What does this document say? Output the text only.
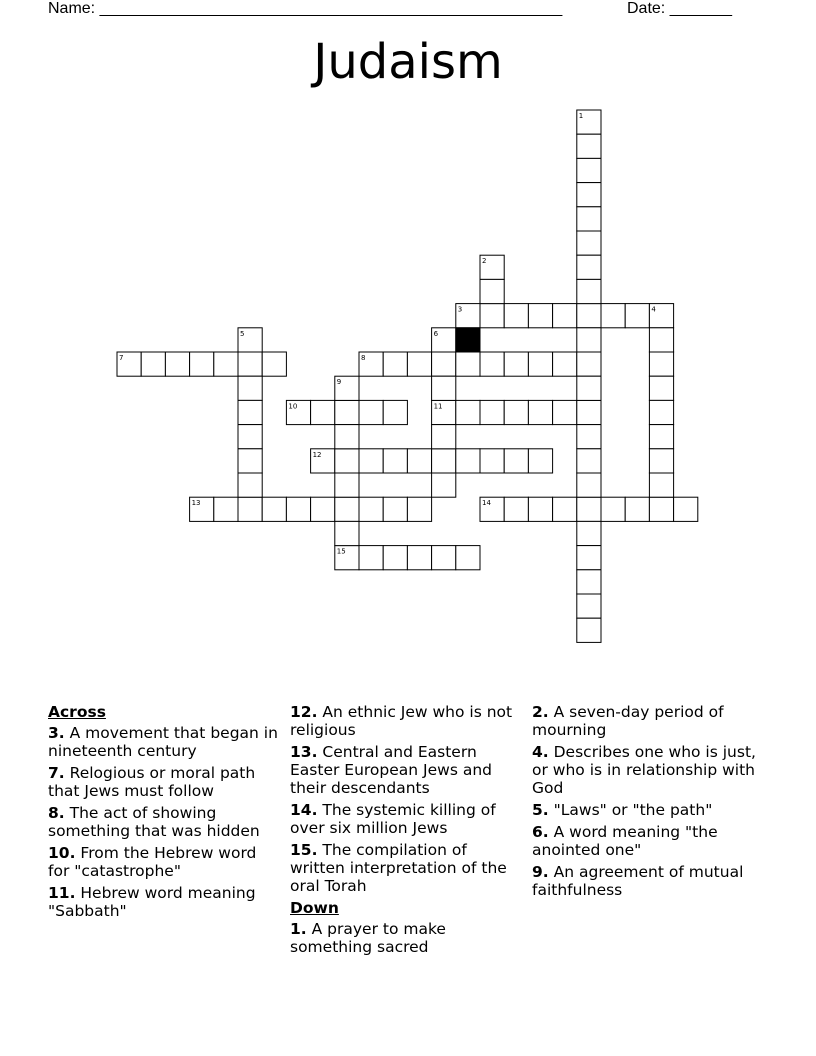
Name: ____________________________________________________	Date: _______
Judaism
1
2
3	4
5	6
7	8
9
10	11
12
13	14
15
Across
3. A movement that began in nineteenth century
7. Relogious or moral path that Jews must follow
8. The act of showing something that was hidden
10. From the Hebrew word for "catastrophe"
11. Hebrew word meaning "Sabbath"
12. An ethnic Jew who is not religious
13. Central and Eastern Easter European Jews and their descendants
14. The systemic killing of over six million Jews
15. The compilation of written interpretation of the oral Torah
Down
1. A prayer to make something sacred
2. A seven-day period of mourning
4. Describes one who is just, or who is in relationship with God
5. "Laws" or "the path"
6. A word meaning "the anointed one"
9. An agreement of mutual faithfulness
